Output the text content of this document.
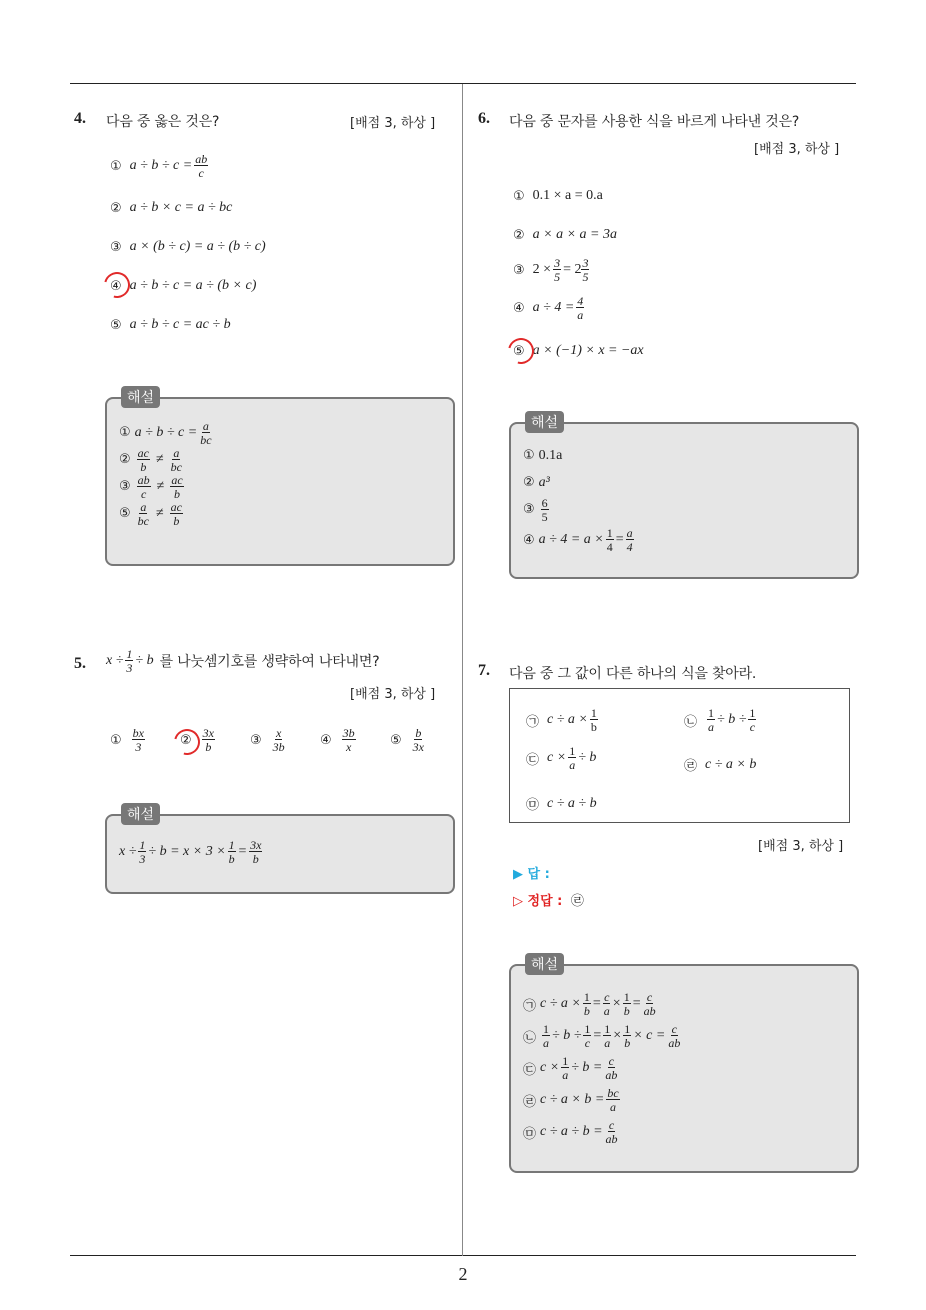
2
4. 다음 중 옳은 것은?	[배점 3, 하상 ]
① $a \div b \div c = \frac{ab}{c}$
② a ÷ b × c = a ÷ bc
③ a × (b ÷ c) = a ÷ (b ÷ c)
④ a ÷ b ÷ c = a ÷ (b × c)
⑤ a ÷ b ÷ c = ac ÷ b
해설
① $a \div b \div c = \frac{a}{bc}$
② $\frac{ac}{b} \ne \frac{a}{bc}$
③ $\frac{ab}{c} \ne \frac{ac}{b}$
⑤ $\frac{a}{bc} \ne \frac{ac}{b}$
5. $x \div \frac{1}{3} \div b$ 를 나눗셈기호를 생략하여 나타내면?
[배점 3, 하상 ]
① $\frac{bx}{3}$	② $\frac{3x}{b}$	③ $\frac{x}{3b}$	④ $\frac{3b}{x}$	⑤ $\frac{b}{3x}$
해설
$x \div \frac{1}{3} \div b = x \times 3 \times \frac{1}{b} = \frac{3x}{b}$
6. 다음 중 문자를 사용한 식을 바르게 나타낸 것은?
[배점 3, 하상 ]
① 0.1 × a = 0.a
② a × a × a = 3a
③ $2 \times \frac{3}{5} = 2 \frac{3}{5}$
④ $a \div 4 = \frac{4}{a}$
⑤ a × (−1) × x = −ax
해설
① 0.1a
② a³
③ $\frac{6}{5}$
④ $a \div 4 = a \times \frac{1}{4} = \frac{a}{4}$
7. 다음 중 그 값이 다른 하나의 식을 찾아라.
㉠ $c \div a \times \frac{1}{b}$	㉡ $\frac{1}{a} \div b \div \frac{1}{c}$
㉢ $c \times \frac{1}{a} \div b$
㉣ c ÷ a × b
㉤ c ÷ a ÷ b
[배점 3, 하상 ]
▶ 답 :
▷ 정답 : ㉣
해설
㉠ $c \div a \times \frac{1}{b} = \frac{c}{a} \times \frac{1}{b} = \frac{c}{ab}$
㉡ $\frac{1}{a} \div b \div \frac{1}{c} = \frac{1}{a} \times \frac{1}{b} \times c = \frac{c}{ab}$
㉢ $c \times \frac{1}{a} \div b = \frac{c}{ab}$
㉣ $c \div a \times b = \frac{bc}{a}$
㉤ $c \div a \div b = \frac{c}{ab}$
